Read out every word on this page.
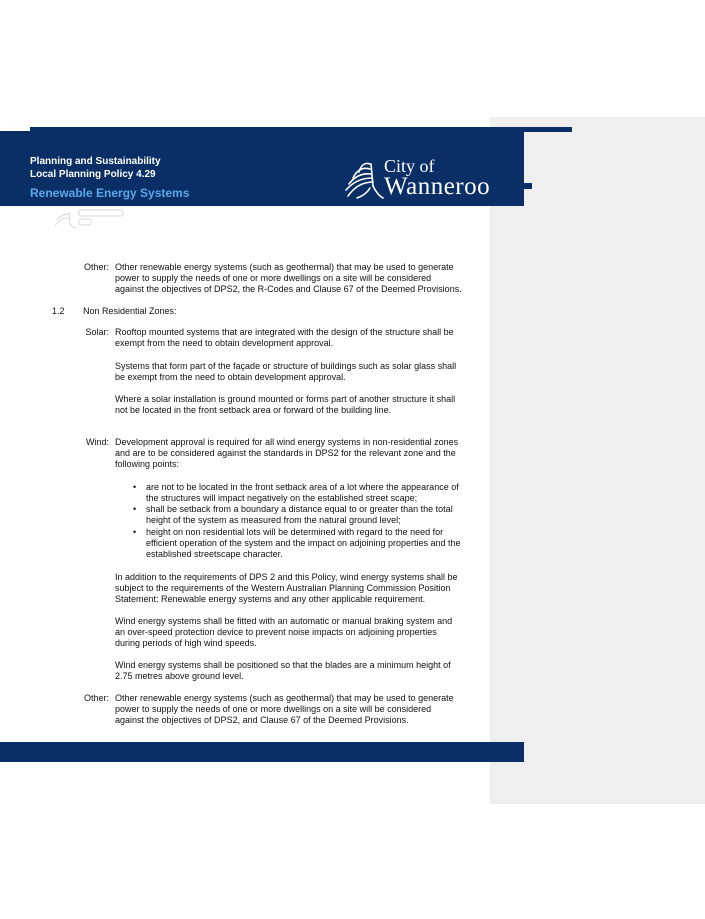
Planning and Sustainability
Local Planning Policy 4.29
Renewable Energy Systems
City of
Wanneroo
Other: Other renewable energy systems (such as geothermal) that may be used to generate
power to supply the needs of one or more dwellings on a site will be considered
against the objectives of DPS2, the R-Codes and Clause 67 of the Deemed Provisions.
1.2 Non Residential Zones:
Solar: Rooftop mounted systems that are integrated with the design of the structure shall be
exempt from the need to obtain development approval.
Systems that form part of the façade or structure of buildings such as solar glass shall
be exempt from the need to obtain development approval.
Where a solar installation is ground mounted or forms part of another structure it shall
not be located in the front setback area or forward of the building line.
Wind: Development approval is required for all wind energy systems in non-residential zones
and are to be considered against the standards in DPS2 for the relevant zone and the
following points:
• are not to be located in the front setback area of a lot where the appearance of
the structures will impact negatively on the established street scape;
• shall be setback from a boundary a distance equal to or greater than the total
height of the system as measured from the natural ground level;
• height on non residential lots will be determined with regard to the need for
efficient operation of the system and the impact on adjoining properties and the
established streetscape character.
In addition to the requirements of DPS 2 and this Policy, wind energy systems shall be
subject to the requirements of the Western Australian Planning Commission Position
Statement: Renewable energy systems and any other applicable requirement.
Wind energy systems shall be fitted with an automatic or manual braking system and
an over-speed protection device to prevent noise impacts on adjoining properties
during periods of high wind speeds.
Wind energy systems shall be positioned so that the blades are a minimum height of
2.75 metres above ground level.
Other: Other renewable energy systems (such as geothermal) that may be used to generate
power to supply the needs of one or more dwellings on a site will be considered
against the objectives of DPS2, and Clause 67 of the Deemed Provisions.
